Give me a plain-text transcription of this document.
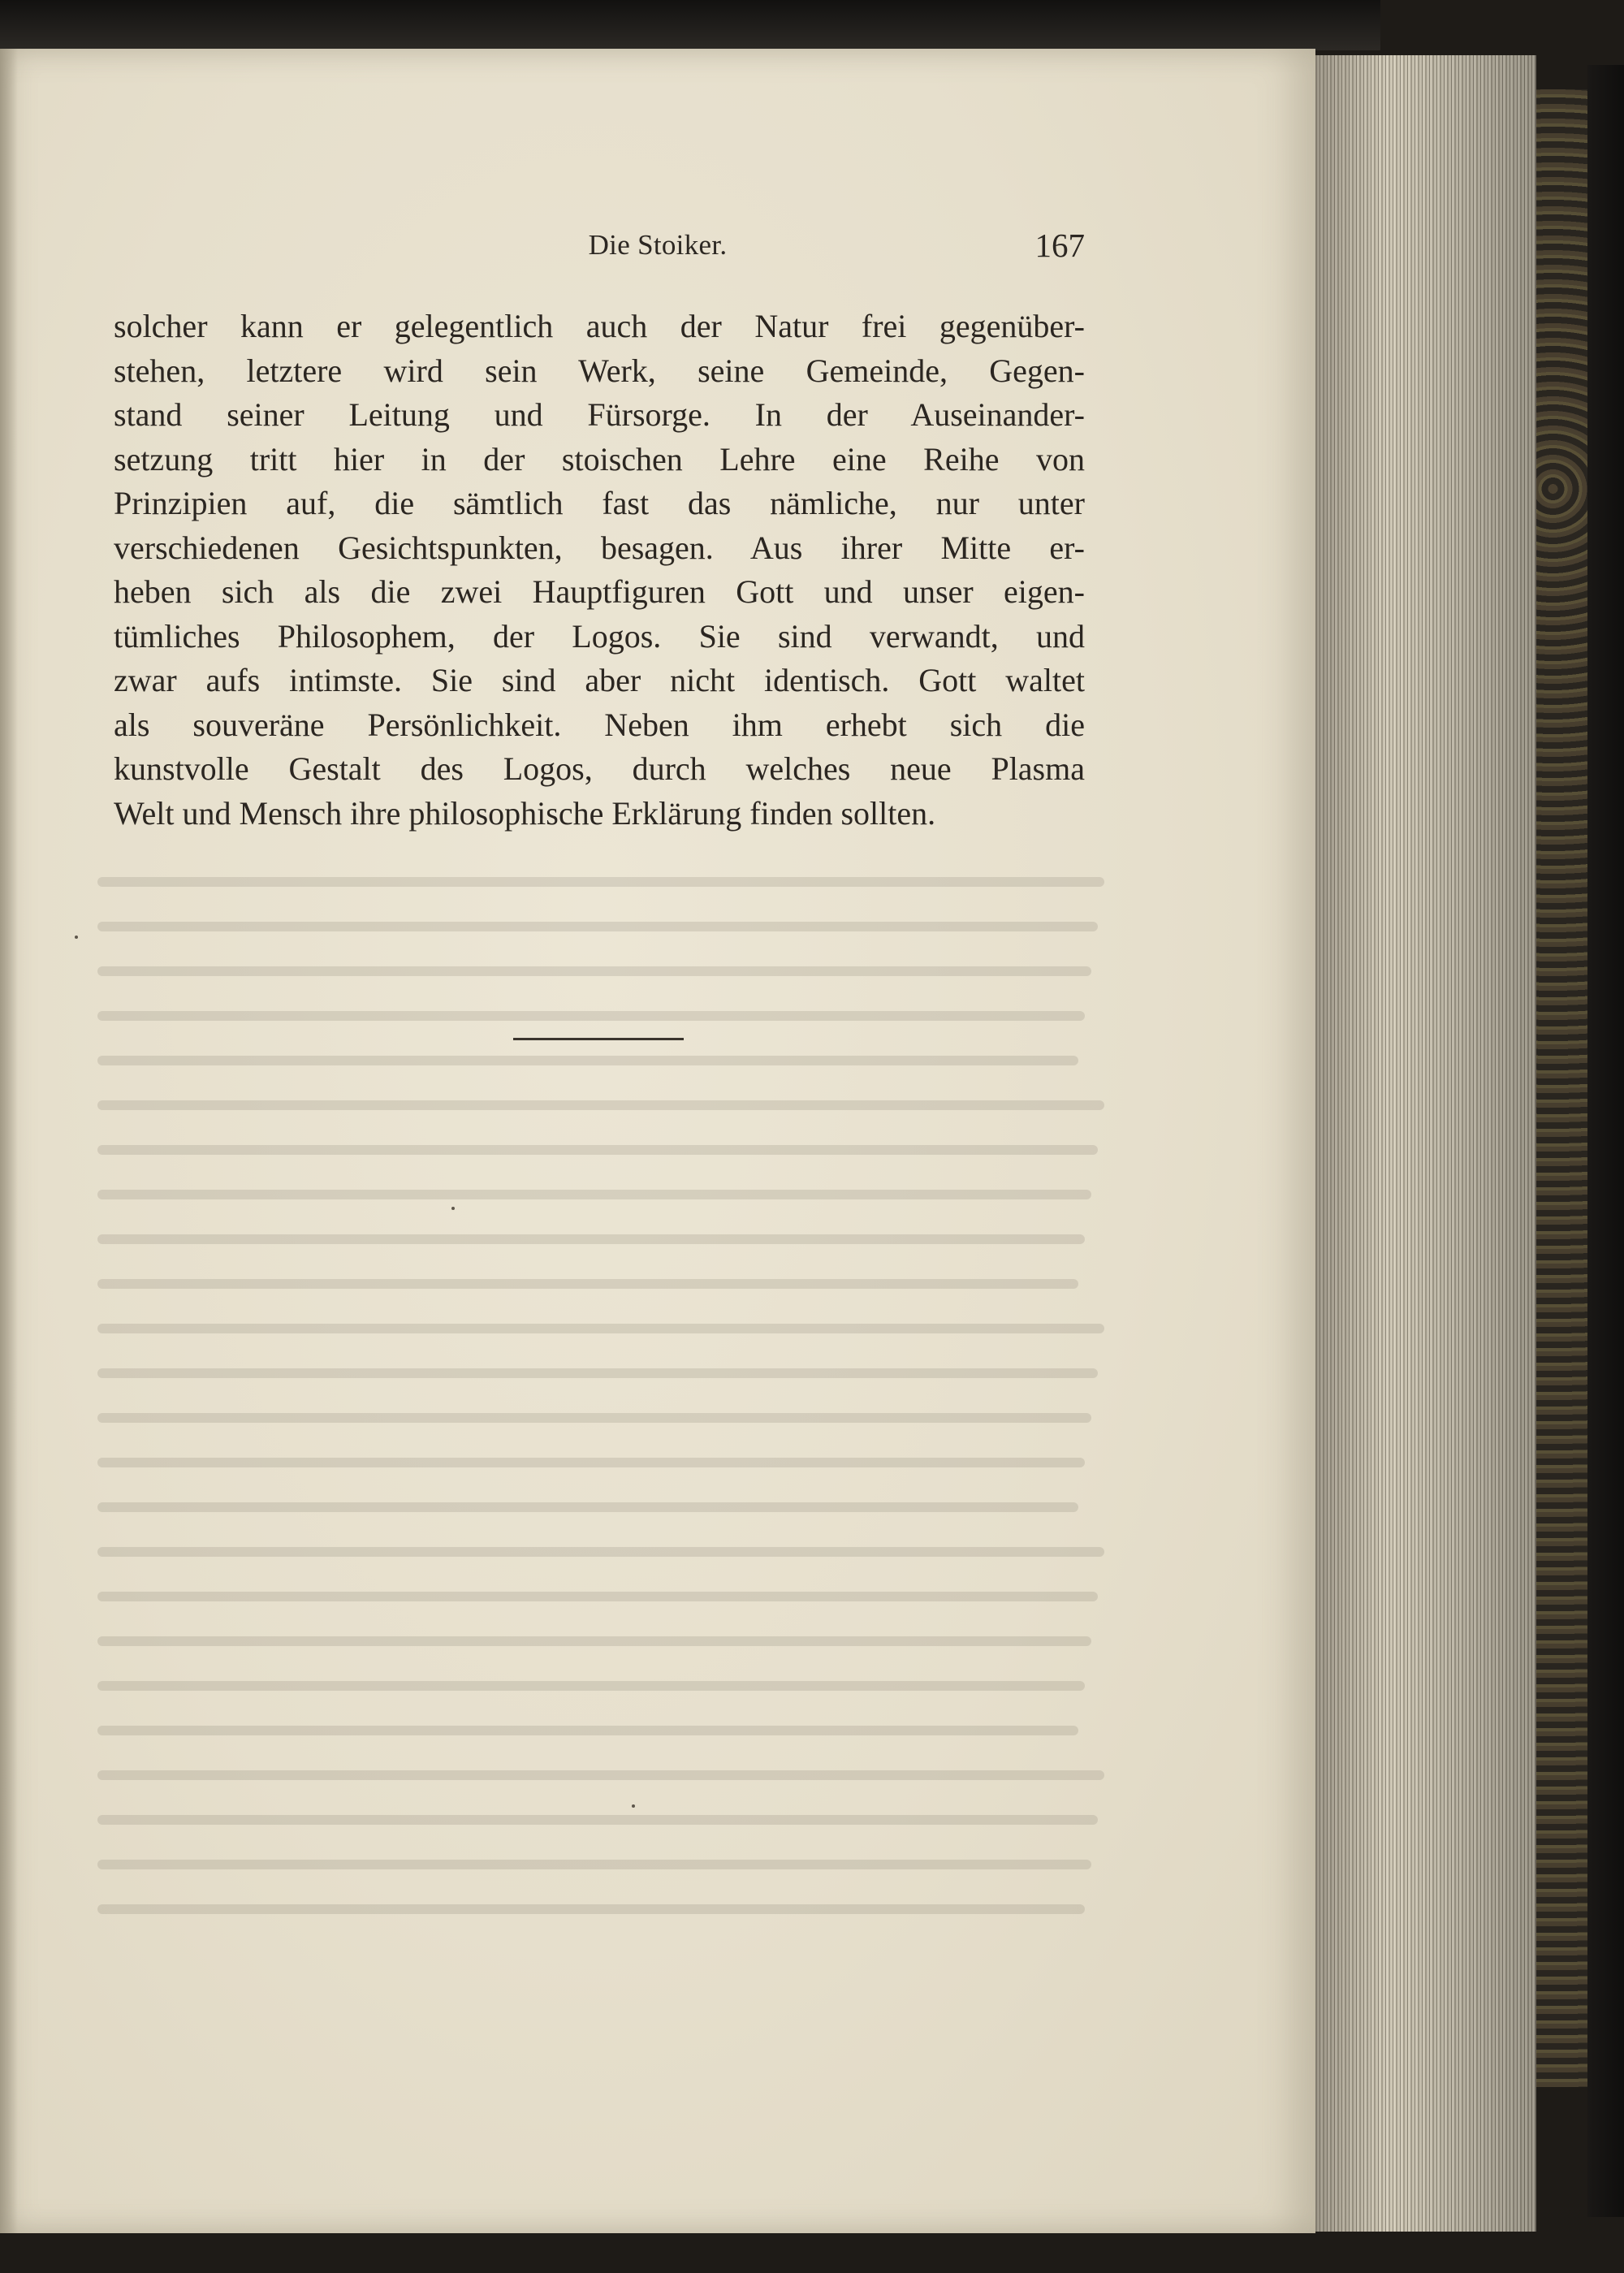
Die Stoiker.	167
solcher kann er gelegentlich auch der Natur frei gegenüber-
stehen, letztere wird sein Werk, seine Gemeinde, Gegen-
stand seiner Leitung und Fürsorge. In der Auseinander-
setzung tritt hier in der stoischen Lehre eine Reihe von
Prinzipien auf, die sämtlich fast das nämliche, nur unter
verschiedenen Gesichtspunkten, besagen. Aus ihrer Mitte er-
heben sich als die zwei Hauptfiguren Gott und unser eigen-
tümliches Philosophem, der Logos. Sie sind verwandt, und
zwar aufs intimste. Sie sind aber nicht identisch. Gott waltet
als souveräne Persönlichkeit. Neben ihm erhebt sich die
kunstvolle Gestalt des Logos, durch welches neue Plasma
Welt und Mensch ihre philosophische Erklärung finden sollten.
